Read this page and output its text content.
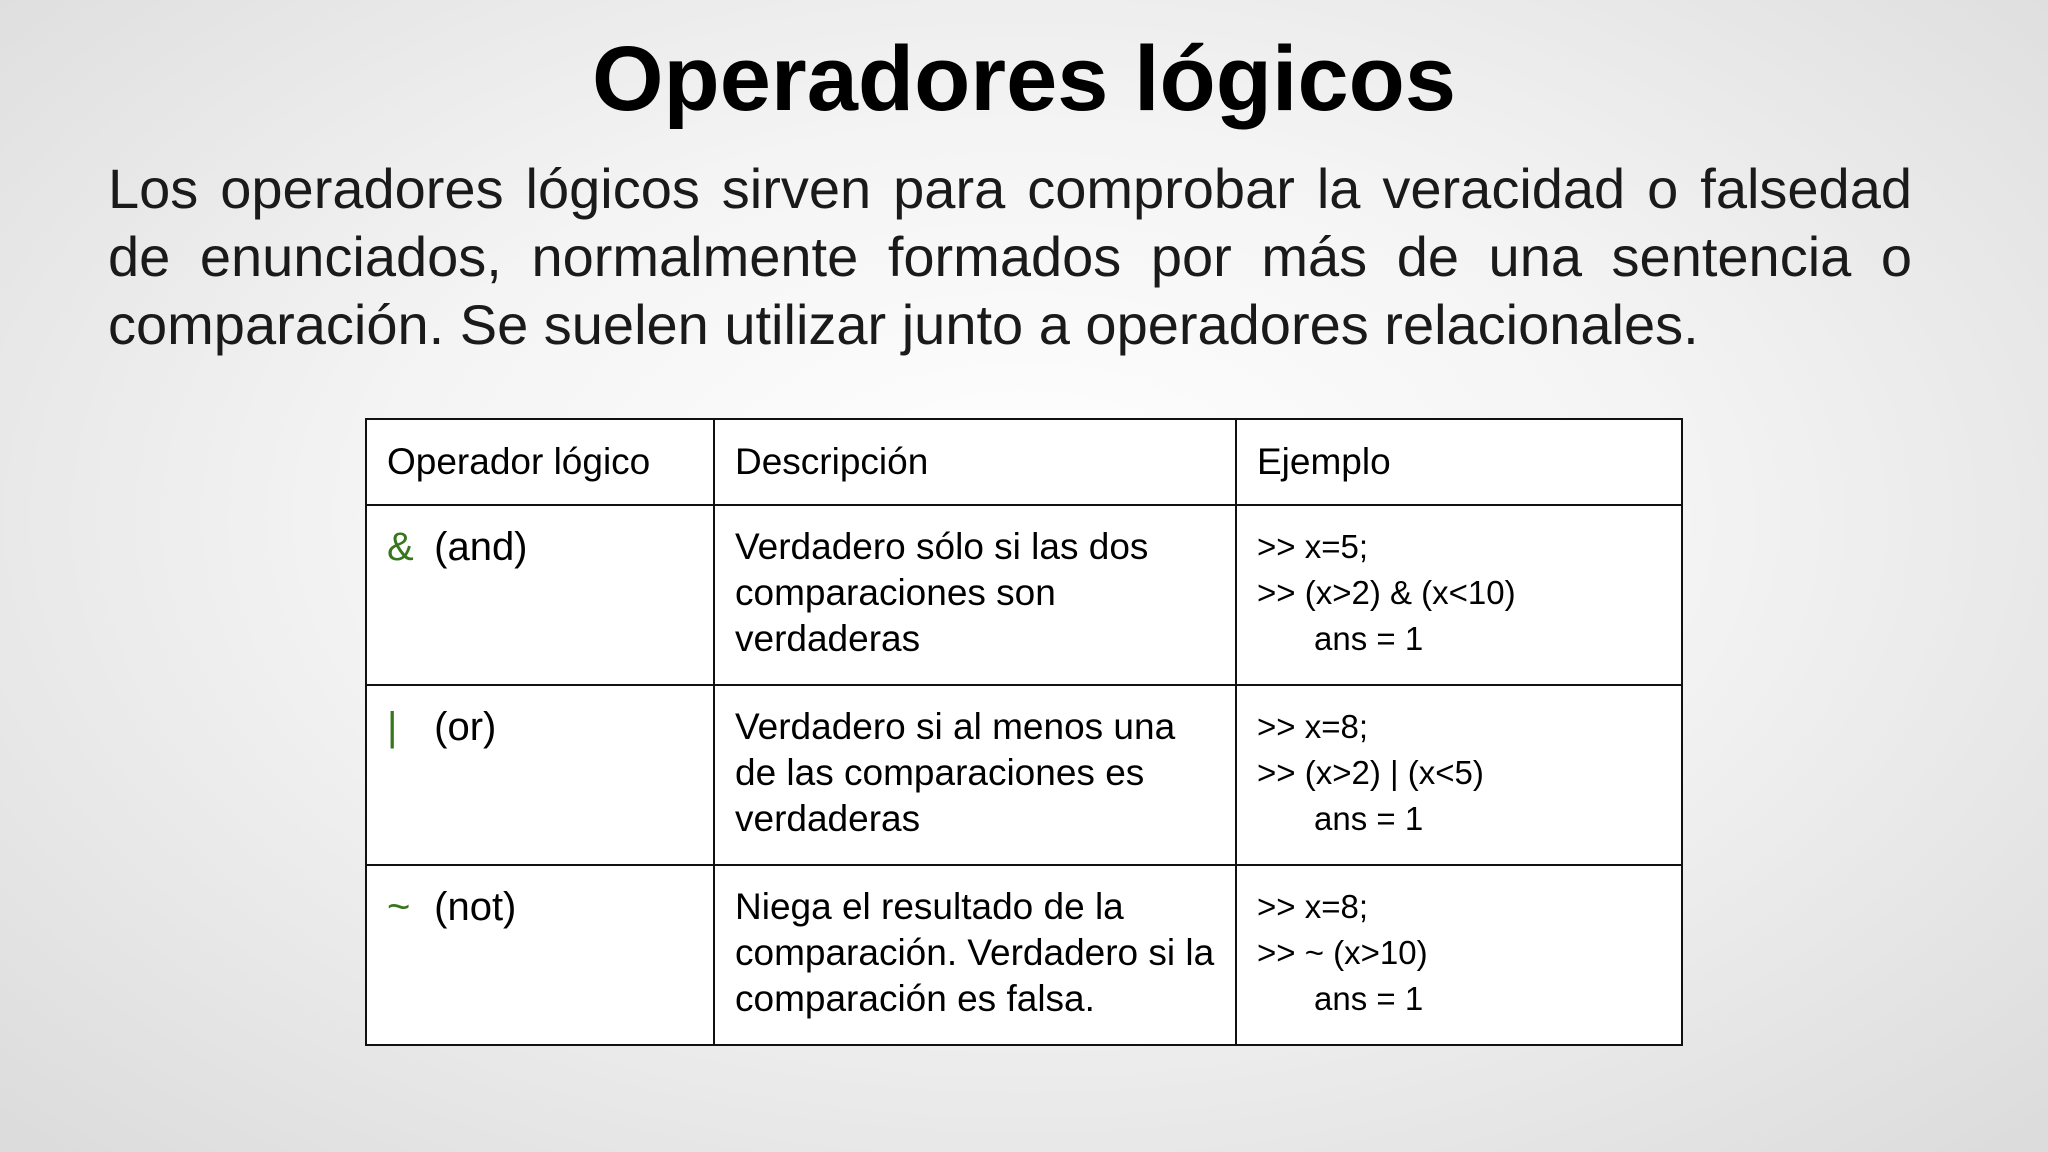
Operadores lógicos

Los operadores lógicos sirven para comprobar la veracidad o falsedad de enunciados, normalmente formados por más de una sentencia o comparación. Se suelen utilizar junto a operadores relacionales.

Operador lógico	Descripción	Ejemplo
& (and)	Verdadero sólo si las dos
comparaciones son
verdaderas	>> x=5;
>> (x>2) & (x<10)
ans = 1

| (or)	Verdadero si al menos una
de las comparaciones es
verdaderas	>> x=8;
>> (x>2) | (x<5)
ans = 1

~ (not)	Niega el resultado de la
comparación. Verdadero si la
comparación es falsa.	>> x=8;
>> ~ (x>10)
ans = 1
